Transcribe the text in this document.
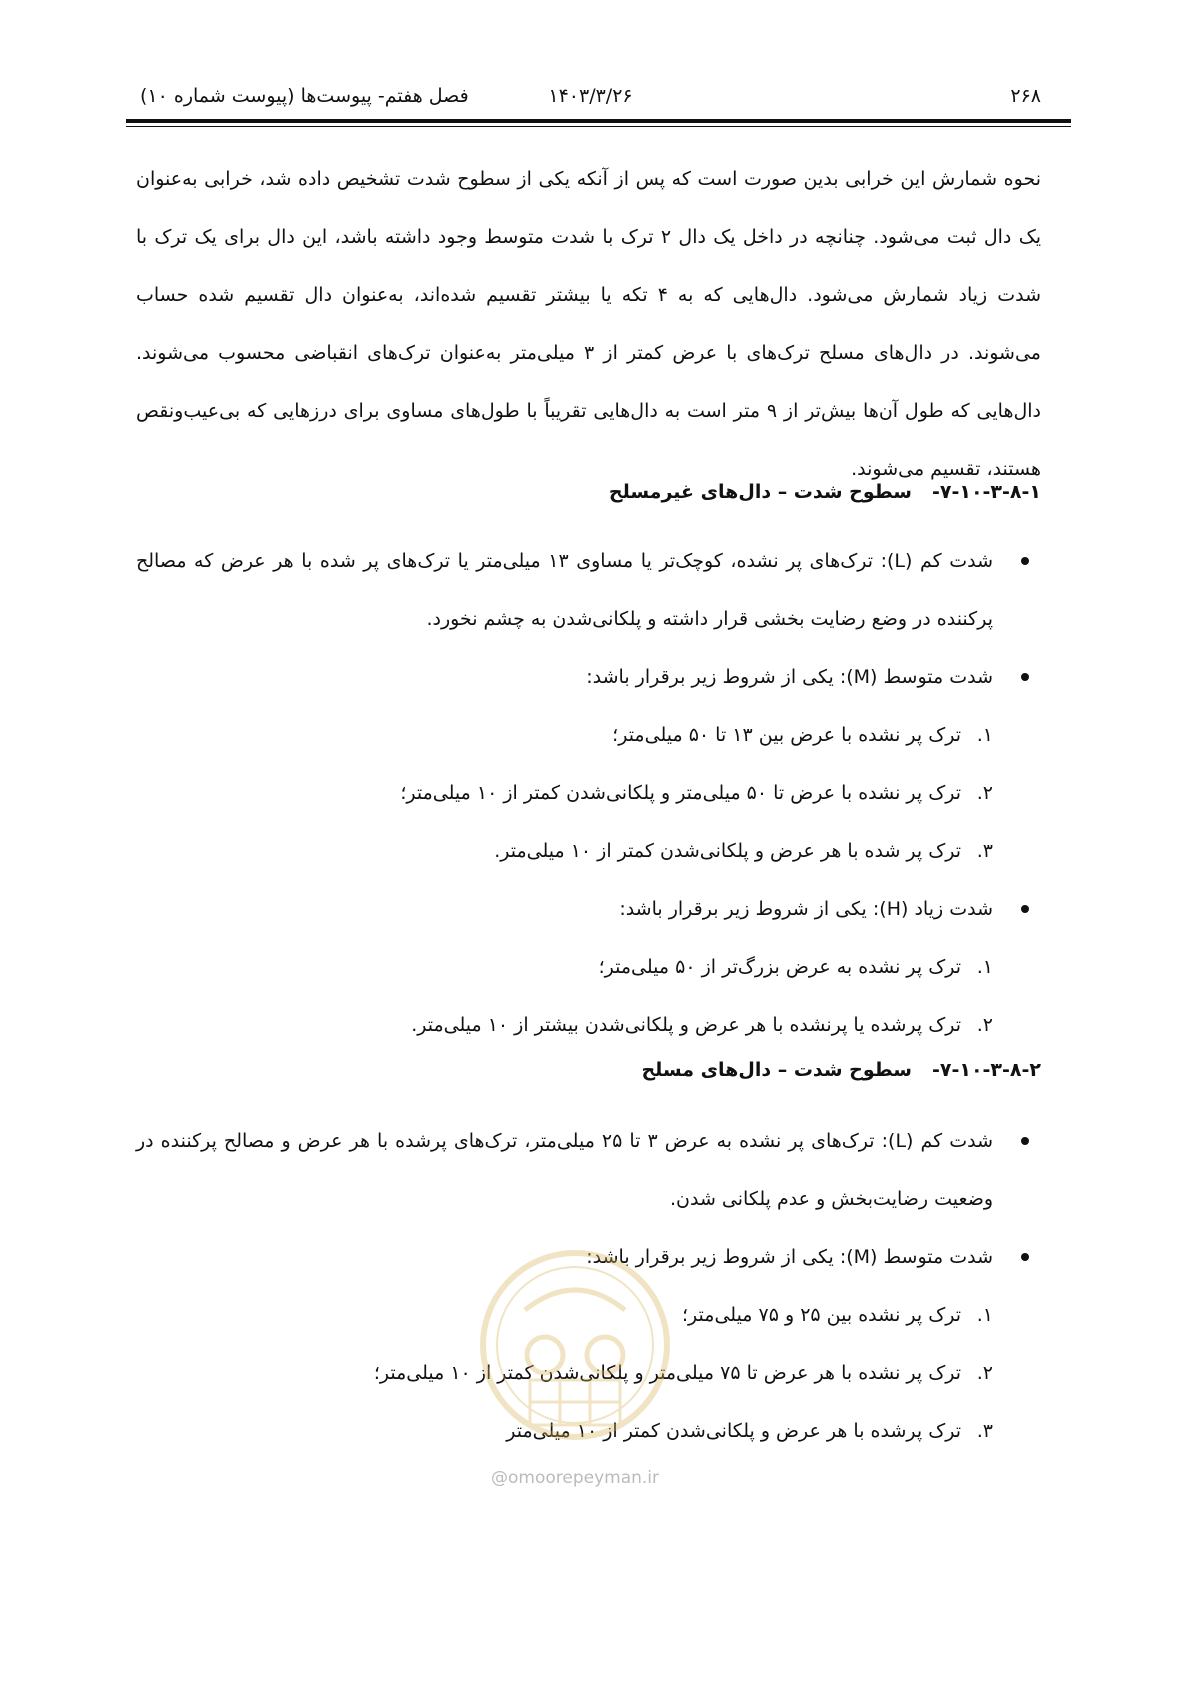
۲۶۸
۱۴۰۳/۳/۲۶
فصل هفتم- پیوست‌ها (پیوست شماره ۱۰)

نحوه شمارش این خرابی بدین صورت است که پس از آنکه یکی از سطوح شدت تشخیص داده شد، خرابی به‌عنوان یک دال ثبت می‌شود. چنانچه در داخل یک دال ۲ ترک با شدت متوسط وجود داشته باشد، این دال برای یک ترک با شدت زیاد شمارش می‌شود. دال‌هایی که به ۴ تکه یا بیشتر تقسیم شده‌اند، به‌عنوان دال تقسیم شده حساب می‌شوند. در دال‌های مسلح ترک‌های با عرض کمتر از ۳ میلی‌متر به‌عنوان ترک‌های انقباضی محسوب می‌شوند. دال‌هایی که طول آن‌ها بیش‌تر از ۹ متر است به دال‌هایی تقریباً با طول‌های مساوی برای درزهایی که بی‌عیب‌ونقص هستند، تقسیم می‌شوند.

۷-۱۰-۳-۸-۱-سطوح شدت – دال‌های غیرمسلح
شدت کم (L): ترک‌های پر نشده، کوچک‌تر یا مساوی ۱۳ میلی‌متر یا ترک‌های پر شده با هر عرض که مصالح پرکننده در وضع رضایت بخشی قرار داشته و پلکانی‌شدن به چشم نخورد.
شدت متوسط (M): یکی از شروط زیر برقرار باشد:
۱.ترک پر نشده با عرض بین ۱۳ تا ۵۰ میلی‌متر؛
۲.ترک پر نشده با عرض تا ۵۰ میلی‌متر و پلکانی‌شدن کمتر از ۱۰ میلی‌متر؛
۳.ترک پر شده با هر عرض و پلکانی‌شدن کمتر از ۱۰ میلی‌متر.
شدت زیاد (H): یکی از شروط زیر برقرار باشد:
۱.ترک پر نشده به عرض بزرگ‌تر از ۵۰ میلی‌متر؛
۲.ترک پرشده یا پرنشده با هر عرض و پلکانی‌شدن بیشتر از ۱۰ میلی‌متر.
۷-۱۰-۳-۸-۲-سطوح شدت – دال‌های مسلح
شدت کم (L): ترک‌های پر نشده به عرض ۳ تا ۲۵ میلی‌متر، ترک‌های پرشده با هر عرض و مصالح پرکننده در وضعیت رضایت‌بخش و عدم پلکانی شدن.
شدت متوسط (M): یکی از شروط زیر برقرار باشد:
۱.ترک پر نشده بین ۲۵ و ۷۵ میلی‌متر؛
۲.ترک پر نشده با هر عرض تا ۷۵ میلی‌متر و پلکانی‌شدن کمتر از ۱۰ میلی‌متر؛
۳.ترک پرشده با هر عرض و پلکانی‌شدن کمتر از ۱۰ میلی‌متر
@omoorepeyman.ir
